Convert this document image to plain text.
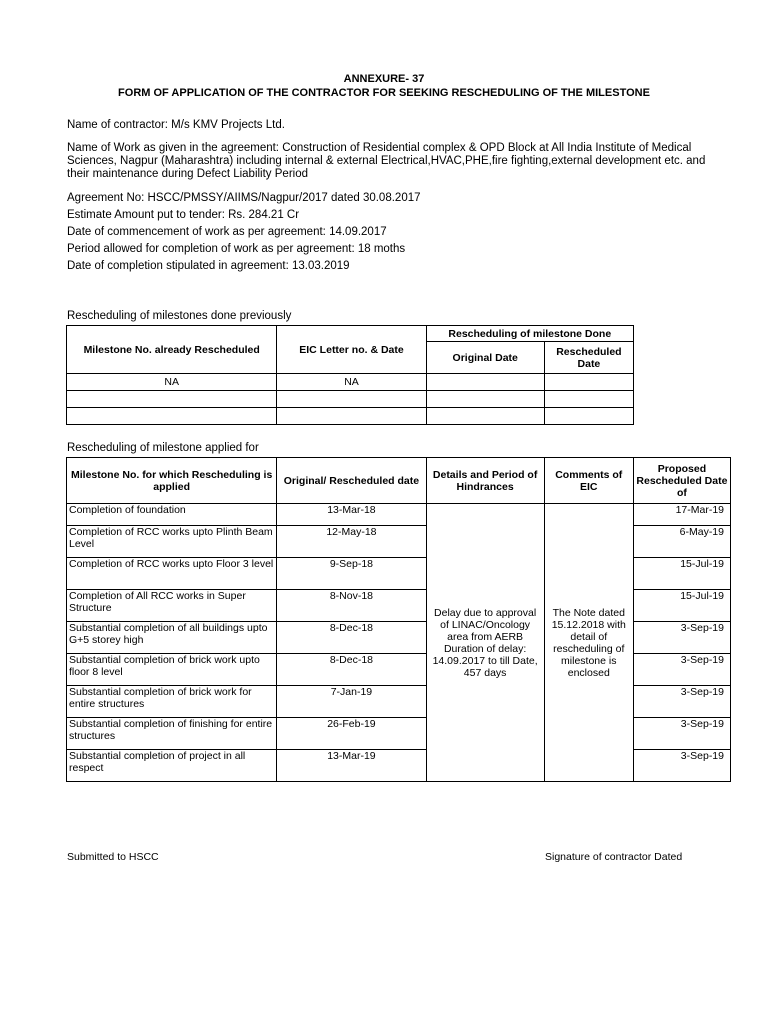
ANNEXURE- 37
FORM OF APPLICATION OF THE CONTRACTOR FOR SEEKING RESCHEDULING OF THE MILESTONE
Name of contractor: M/s KMV Projects Ltd.
Name of Work as given in the agreement: Construction of Residential complex & OPD Block at All India Institute of Medical Sciences, Nagpur (Maharashtra) including internal & external Electrical,HVAC,PHE,fire fighting,external development etc. and their maintenance during Defect Liability Period
Agreement No: HSCC/PMSSY/AIIMS/Nagpur/2017 dated 30.08.2017
Estimate Amount put to tender: Rs. 284.21 Cr
Date of commencement of work as per agreement: 14.09.2017
Period allowed for completion of work as per agreement: 18 moths
Date of completion stipulated in agreement: 13.03.2019
Rescheduling of milestones done previously
Milestone No. already Rescheduled	EIC Letter no. & Date	Rescheduling of milestone Done	
		Original Date	Rescheduled Date
NA	NA		

Rescheduling of milestone applied for
Milestone No. for which Rescheduling is applied	Original/ Rescheduled date	Details and Period of Hindrances	Comments of EIC	Proposed Rescheduled Date of
Completion of foundation	13-Mar-18	Delay due to approval of LINAC/Oncology area from AERB Duration of delay: 14.09.2017 to till Date, 457 days	The Note dated 15.12.2018 with detail of rescheduling of milestone is enclosed	17-Mar-19
Completion of RCC works upto Plinth Beam Level	12-May-18			6-May-19
Completion of RCC works upto Floor 3 level	9-Sep-18			15-Jul-19
Completion of All RCC works in Super Structure	8-Nov-18			15-Jul-19
Substantial completion of all buildings upto G+5 storey high	8-Dec-18			3-Sep-19
Substantial completion of brick work upto floor 8 level	8-Dec-18			3-Sep-19
Substantial completion of brick work for entire structures	7-Jan-19			3-Sep-19
Substantial completion of finishing for entire structures	26-Feb-19			3-Sep-19
Substantial completion of project in all respect	13-Mar-19			3-Sep-19
Submitted to HSCC	Signature of contractor Dated
